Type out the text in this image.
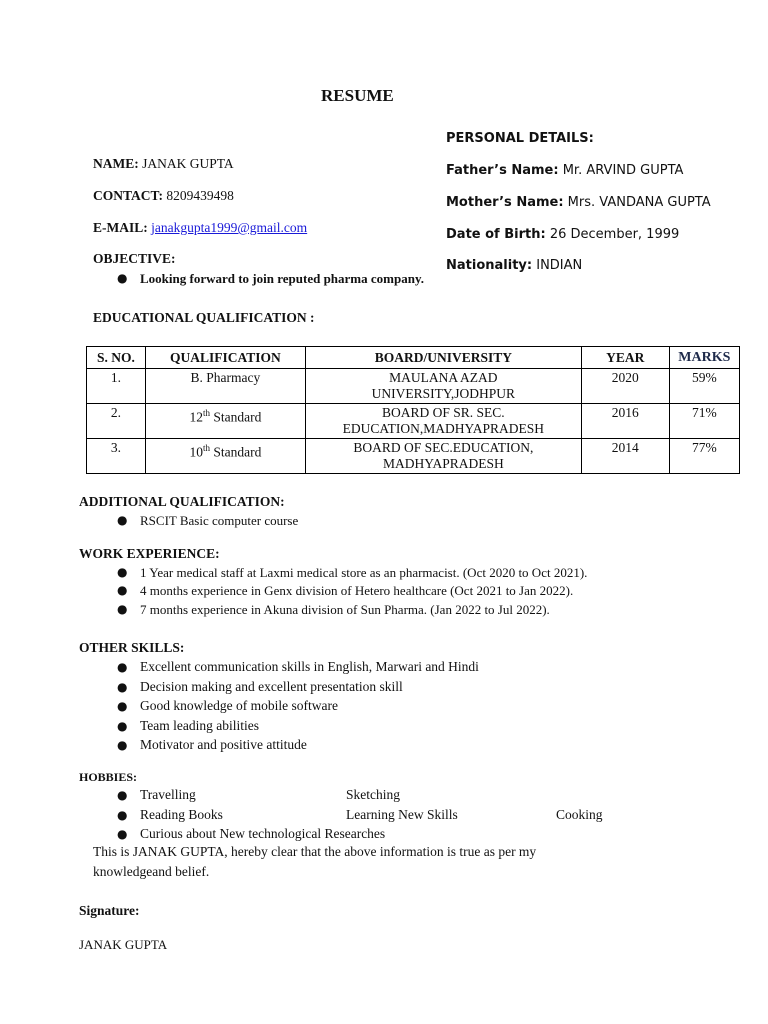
RESUME
NAME: JANAK GUPTA
CONTACT: 8209439498
E-MAIL: janakgupta1999@gmail.com
PERSONAL DETAILS:
Father’s Name: Mr. ARVIND GUPTA
Mother’s Name: Mrs. VANDANA GUPTA
Date of Birth: 26 December, 1999
Nationality: INDIAN
OBJECTIVE:
● Looking forward to join reputed pharma company.
EDUCATIONAL QUALIFICATION :
S. NO.	QUALIFICATION	BOARD/UNIVERSITY	YEAR	MARKS
1.	B. Pharmacy	MAULANA AZAD
UNIVERSITY,JODHPUR	2020	59%
2.	12th Standard	BOARD OF SR. SEC.
EDUCATION,MADHYAPRADESH	2016	71%
3.	10th Standard	BOARD OF SEC.EDUCATION,
MADHYAPRADESH	2014	77%
ADDITIONAL QUALIFICATION:
● RSCIT Basic computer course
WORK EXPERIENCE:
● 1 Year medical staff at Laxmi medical store as an pharmacist. (Oct 2020 to Oct 2021).
● 4 months experience in Genx division of Hetero healthcare (Oct 2021 to Jan 2022).
● 7 months experience in Akuna division of Sun Pharma. (Jan 2022 to Jul 2022).
OTHER SKILLS:
● Excellent communication skills in English, Marwari and Hindi
● Decision making and excellent presentation skill
● Good knowledge of mobile software
● Team leading abilities
● Motivator and positive attitude
HOBBIES:
● Travelling	Sketching
● Reading Books	Learning New Skills	Cooking
● Curious about New technological Researches
This is JANAK GUPTA, hereby clear that the above information is true as per my
knowledgeand belief.
Signature:
JANAK GUPTA
